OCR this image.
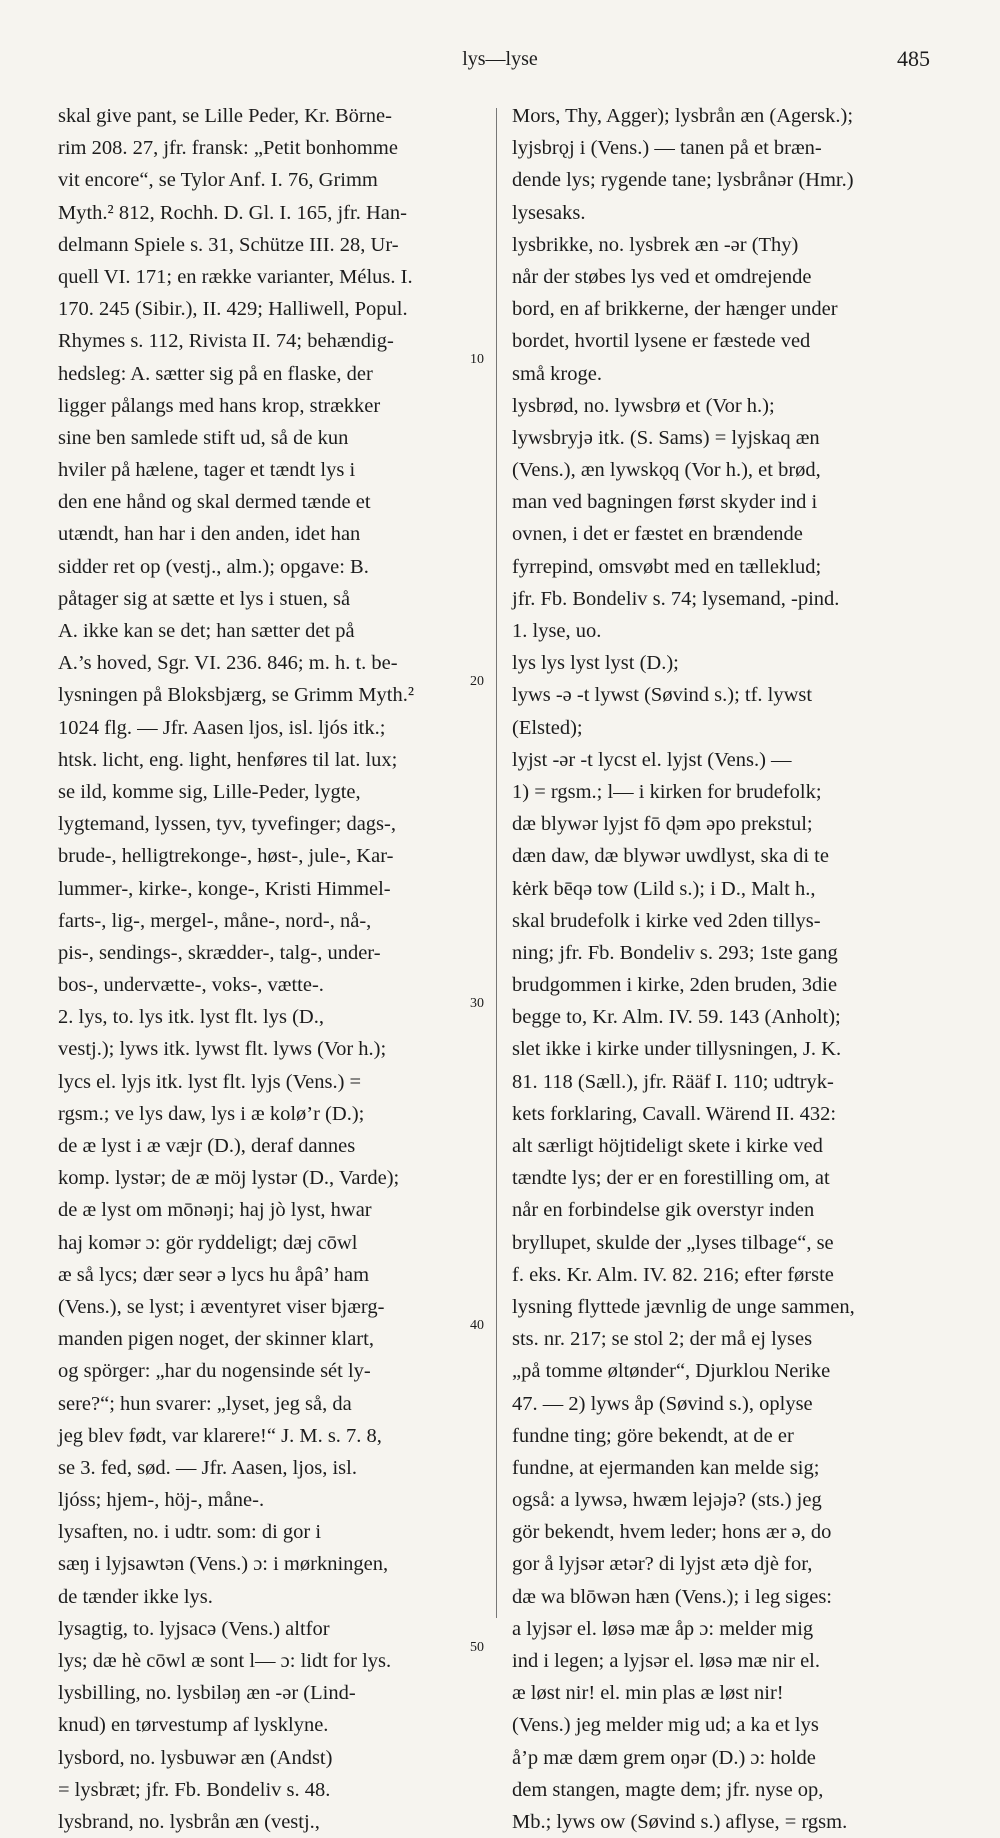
lys—lyse	485
skal give pant, se Lille Peder, Kr. Börne-
rim 208. 27, jfr. fransk: „Petit bonhomme
vit encore“, se Tylor Anf. I. 76, Grimm
Myth.² 812, Rochh. D. Gl. I. 165, jfr. Han-
delmann Spiele s. 31, Schütze III. 28, Ur-
quell VI. 171; en række varianter, Mélus. I.
170. 245 (Sibir.), II. 429; Halliwell, Popul.
Rhymes s. 112, Rivista II. 74; behændig-
hedsleg: A. sætter sig på en flaske, der
ligger pålangs med hans krop, strækker
sine ben samlede stift ud, så de kun
hviler på hælene, tager et tændt lys i
den ene hånd og skal dermed tænde et
utændt, han har i den anden, idet han
sidder ret op (vestj., alm.); opgave: B.
påtager sig at sætte et lys i stuen, så
A. ikke kan se det; han sætter det på
A.’s hoved, Sgr. VI. 236. 846; m. h. t. be-
lysningen på Bloksbjærg, se Grimm Myth.²
1024 flg. — Jfr. Aasen ljos, isl. ljós itk.;
htsk. licht, eng. light, henføres til lat. lux;
se ild, komme sig, Lille-Peder, lygte,
lygtemand, lyssen, tyv, tyvefinger; dags-,
brude-, helligtrekonge-, høst-, jule-, Kar-
lummer-, kirke-, konge-, Kristi Himmel-
farts-, lig-, mergel-, måne-, nord-, nå-,
pis-, sendings-, skrædder-, talg-, under-
bos-, undervætte-, voks-, vætte-.
2. lys, to. lys itk. lyst flt. lys (D.,
vestj.); lyws itk. lywst flt. lyws (Vor h.);
lycs el. lyjs itk. lyst flt. lyjs (Vens.) =
rgsm.; ve lys daw, lys i æ kolø’r (D.);
de æ lyst i æ væjr (D.), deraf dannes
komp. lystər; de æ möj lystər (D., Varde);
de æ lyst om mōnəŋi; haj jò lyst, hwar
haj komər ɔ: gör ryddeligt; dæj cōwl
æ så lycs; dær seər ə lycs hu åpâ’ ham
(Vens.), se lyst; i æventyret viser bjærg-
manden pigen noget, der skinner klart,
og spörger: „har du nogensinde sét ly-
sere?“; hun svarer: „lyset, jeg så, da
jeg blev født, var klarere!“ J. M. s. 7. 8,
se 3. fed, sød. — Jfr. Aasen, ljos, isl.
ljóss; hjem-, höj-, måne-.
lysaften, no. i udtr. som: di gor i
sæŋ i lyjsawtən (Vens.) ɔ: i mørkningen,
de tænder ikke lys.
lysagtig, to. lyjsacə (Vens.) altfor
lys; dæ hè cōwl æ sont l— ɔ: lidt for lys.
lysbilling, no. lysbiləŋ æn -ər (Lind-
knud) en tørvestump af lysklyne.
lysbord, no. lysbuwər æn (Andst)
= lysbræt; jfr. Fb. Bondeliv s. 48.
lysbrand, no. lysbrån æn (vestj.,
Mors, Thy, Agger); lysbrån æn (Agersk.);
lyjsbrǫj i (Vens.) — tanen på et bræn-
dende lys; rygende tane; lysbrånər (Hmr.)
lysesaks.
lysbrikke, no. lysbrek æn -ər (Thy)
når der støbes lys ved et omdrejende
bord, en af brikkerne, der hænger under
bordet, hvortil lysene er fæstede ved
små kroge.
lysbrød, no. lywsbrø et (Vor h.);
lywsbryjə itk. (S. Sams) = lyjskaq æn
(Vens.), æn lywskǫq (Vor h.), et brød,
man ved bagningen først skyder ind i
ovnen, i det er fæstet en brændende
fyrrepind, omsvøbt med en tælleklud;
jfr. Fb. Bondeliv s. 74; lysemand, -pind.
1. lyse, uo.
lys lys lyst lyst (D.);
lyws -ə -t lywst (Søvind s.); tf. lywst
(Elsted);
lyjst -ər -t lycst el. lyjst (Vens.) —
1) = rgsm.; l— i kirken for brudefolk;
dæ blywər lyjst fō ɖəm əpo prekstul;
dæn daw, dæ blywər uwdlyst, ska di te
kėrk bēqə tow (Lild s.); i D., Malt h.,
skal brudefolk i kirke ved 2den tillys-
ning; jfr. Fb. Bondeliv s. 293; 1ste gang
brudgommen i kirke, 2den bruden, 3die
begge to, Kr. Alm. IV. 59. 143 (Anholt);
slet ikke i kirke under tillysningen, J. K.
81. 118 (Sæll.), jfr. Rääf I. 110; udtryk-
kets forklaring, Cavall. Wärend II. 432:
alt særligt höjtideligt skete i kirke ved
tændte lys; der er en forestilling om, at
når en forbindelse gik overstyr inden
bryllupet, skulde der „lyses tilbage“, se
f. eks. Kr. Alm. IV. 82. 216; efter første
lysning flyttede jævnlig de unge sammen,
sts. nr. 217; se stol 2; der må ej lyses
„på tomme øltønder“, Djurklou Nerike
47. — 2) lyws åp (Søvind s.), oplyse
fundne ting; göre bekendt, at de er
fundne, at ejermanden kan melde sig;
også: a lywsə, hwæm lejəjə? (sts.) jeg
gör bekendt, hvem leder; hons ær ə, do
gor å lyjsər ætər? di lyjst ætə djè for,
dæ wa blōwən hæn (Vens.); i leg siges:
a lyjsər el. løsə mæ åp ɔ: melder mig
ind i legen; a lyjsər el. løsə mæ nir el.
æ løst nir! el. min plas æ løst nir!
(Vens.) jeg melder mig ud; a ka et lys
å’p mæ dæm grem oŋər (D.) ɔ: holde
dem stangen, magte dem; jfr. nyse op,
Mb.; lyws ow (Søvind s.) aflyse, = rgsm.
10
20
30
40
50
